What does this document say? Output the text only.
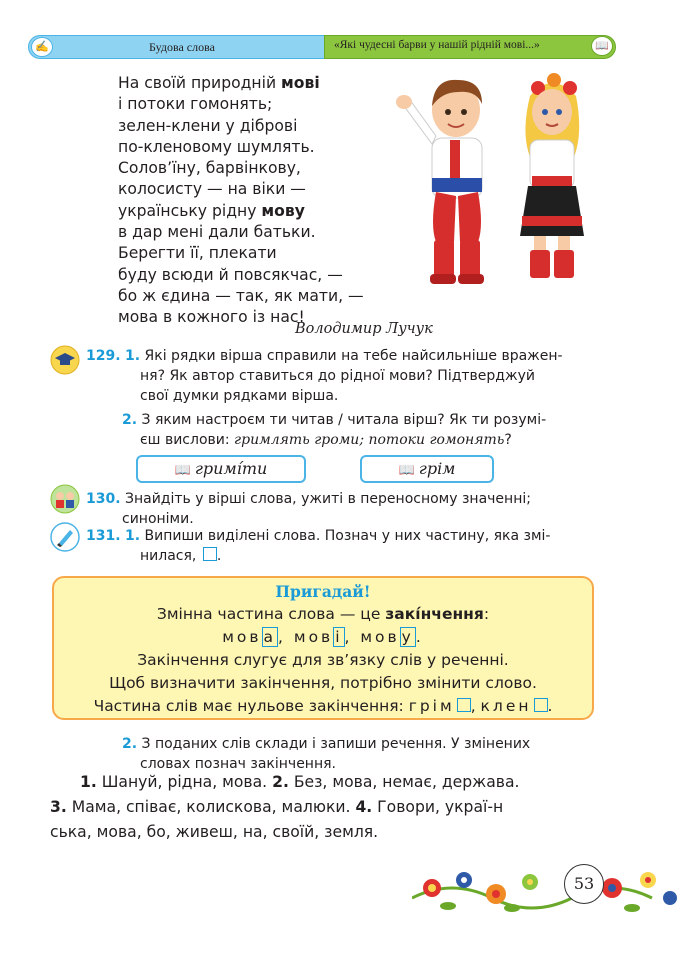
✍	Будова слова	«Які чудесні барви у нашій рідній мові...»	📖
На своїй природній мові
і потоки гомонять;
зелен-клени у діброві
по-кленовому шумлять.
Солов’їну, барвінкову,
колосисту — на віки —
українську рідну мову
в дар мені дали батьки.
Берегти її, плекати
буду всюди й повсякчас, —
бо ж єдина — так, як мати, —
мова в кожного із нас!
Володимир Лучук
129. 1. Які рядки вірша справили на тебе найсильніше вражен-
ня? Як автор ставиться до рідної мови? Підтверджуй
свої думки рядками вірша.
2. З яким настроєм ти читав / читала вірш? Як ти розумі-
єш вислови: гримлять громи; потоки гомонять?
📖 гримі́ти	📖 грім
130. Знайдіть у вірші слова, ужиті в переносному значенні;
синоніми.
131. 1. Випиши виділені слова. Познач у них частину, яка змі-
нилася, .
Пригадай!
Змінна частина слова — це закі́нчення:
мов а , мов і , мов у .
Закінчення слугує для зв’язку слів у реченні.
Щоб визначити закінчення, потрібно змінити слово.
Частина слів має нульове закінчення: грім , клен .
2. З поданих слів склади і запиши речення. У змінених
словах познач закінчення.
1. Шануй, рідна, мова. 2. Без, мова, немає, держава.
3. Мама, співає, колискова, малюки. 4. Говори, украї-н
ська, мова, бо, живеш, на, своїй, земля.
53
